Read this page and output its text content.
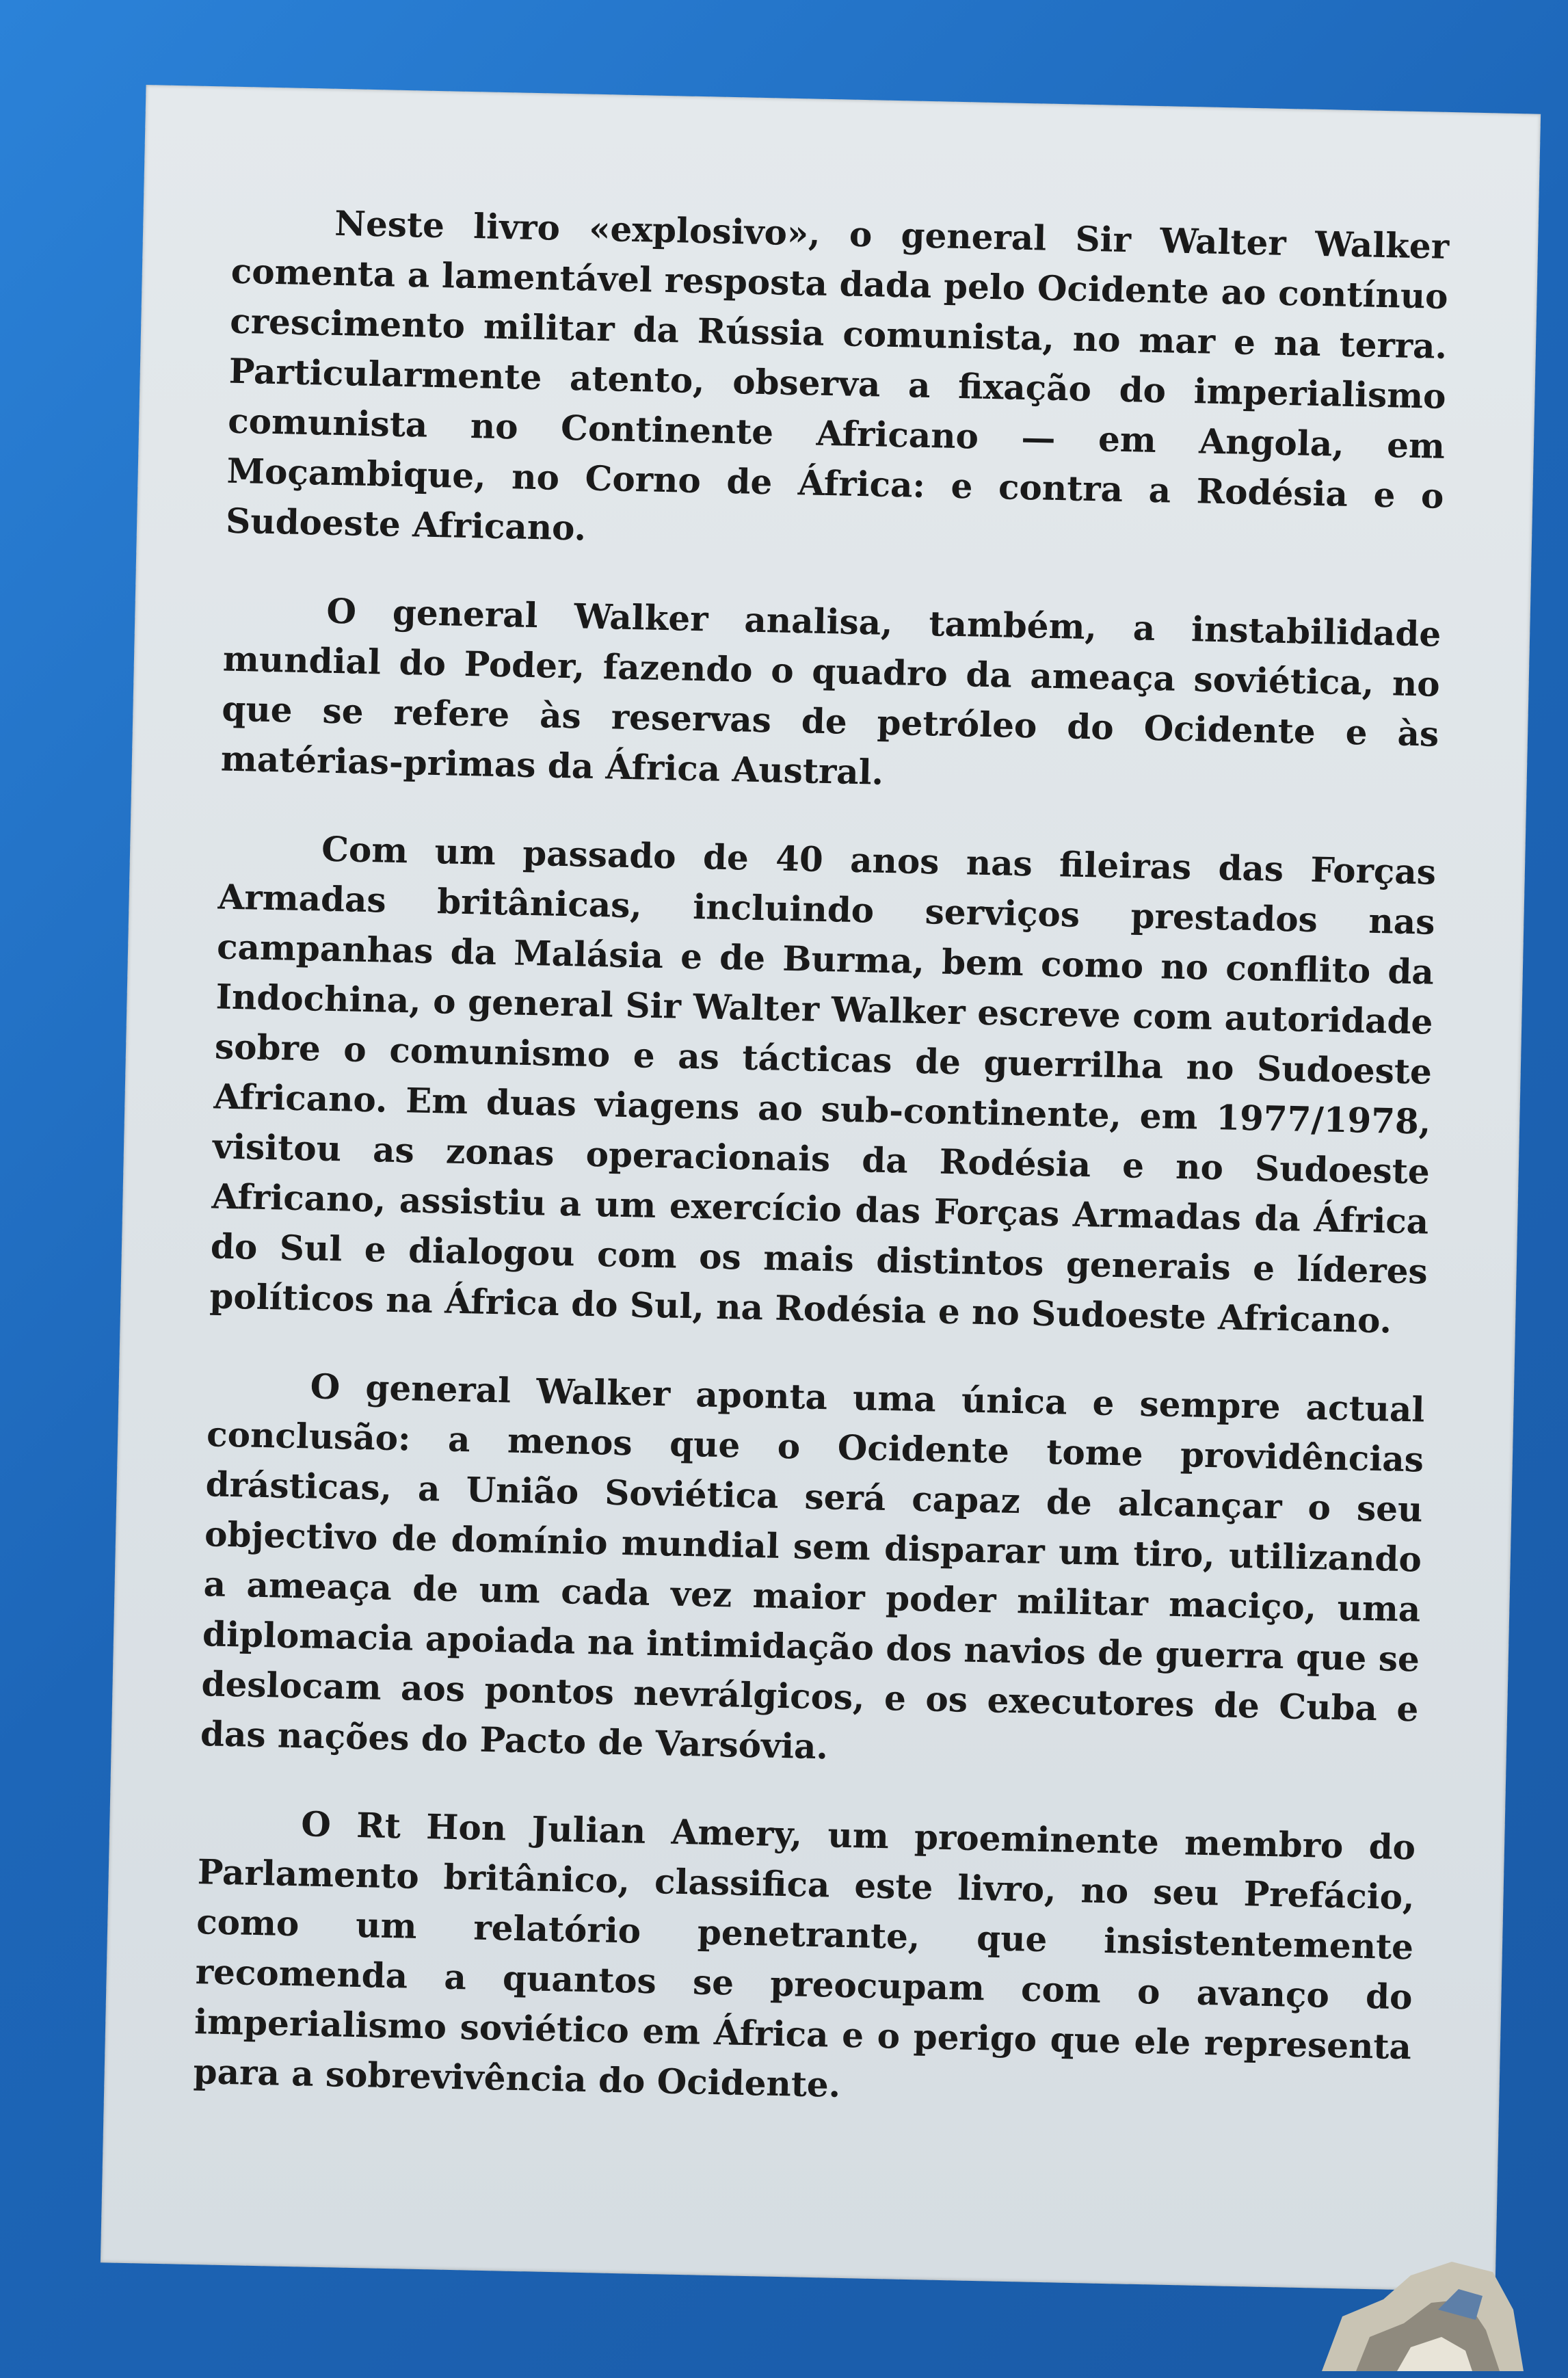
Neste livro «explosivo», o general Sir Walter Walker comenta a lamentável resposta dada pelo Ocidente ao contínuo crescimento militar da Rússia comunista, no mar e na terra. Particularmente atento, observa a fixação do imperialismo comunista no Continente Africano — em Angola, em Moçambique, no Corno de África: e contra a Rodésia e o Sudoeste Africano.

O general Walker analisa, também, a instabilidade mundial do Poder, fazendo o quadro da ameaça soviética, no que se refere às reservas de petróleo do Ocidente e às matérias-primas da África Austral.

Com um passado de 40 anos nas fileiras das Forças Armadas britânicas, incluindo serviços prestados nas campanhas da Malásia e de Burma, bem como no conflito da Indochina, o general Sir Walter Walker escreve com autoridade sobre o comunismo e as tácticas de guerrilha no Sudoeste Africano. Em duas viagens ao sub-continente, em 1977/1978, visitou as zonas operacionais da Rodésia e no Sudoeste Africano, assistiu a um exercício das Forças Armadas da África do Sul e dialogou com os mais distintos generais e líderes políticos na África do Sul, na Rodésia e no Sudoeste Africano.

O general Walker aponta uma única e sempre actual conclusão: a menos que o Ocidente tome providências drásticas, a União Soviética será capaz de alcançar o seu objectivo de domínio mundial sem disparar um tiro, utilizando a ameaça de um cada vez maior poder militar maciço, uma diplomacia apoiada na intimidação dos navios de guerra que se deslocam aos pontos nevrálgicos, e os executores de Cuba e das nações do Pacto de Varsóvia.

O Rt Hon Julian Amery, um proeminente membro do Parlamento britânico, classifica este livro, no seu Prefácio, como um relatório penetrante, que insistentemente recomenda a quantos se preocupam com o avanço do imperialismo soviético em África e o perigo que ele representa para a sobrevivência do Ocidente.
